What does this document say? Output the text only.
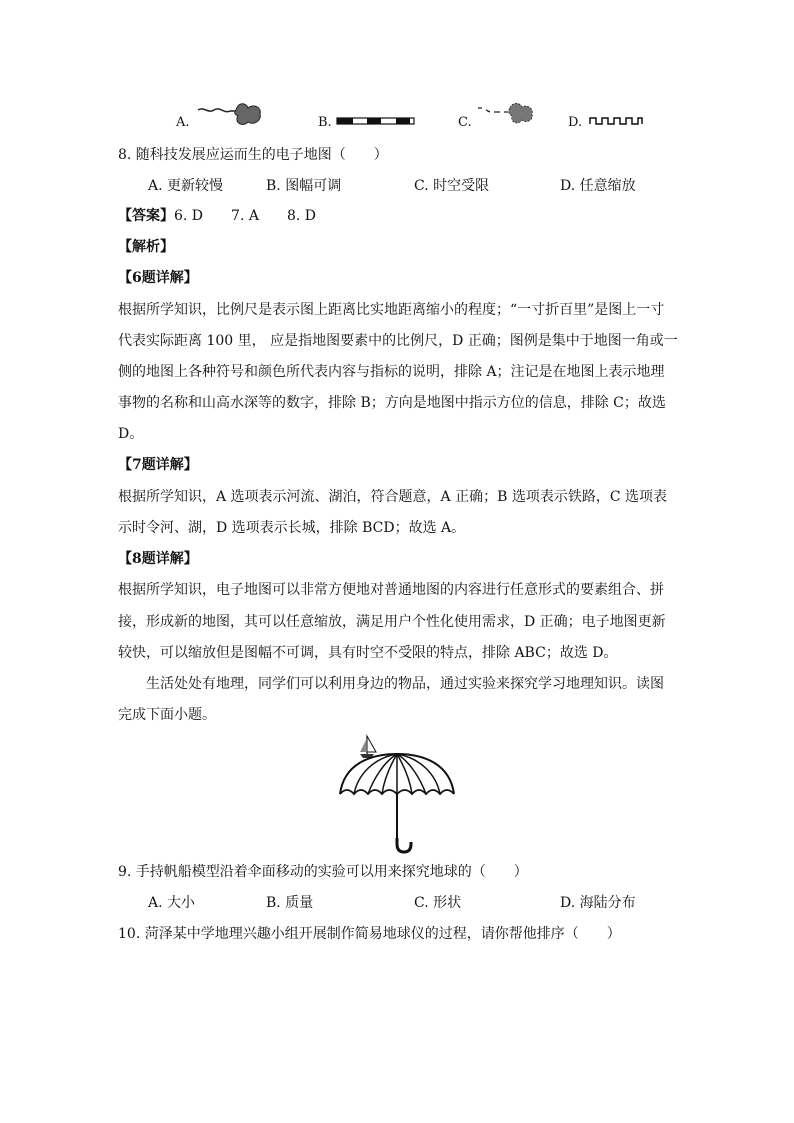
A.	B.	C.	D.
8. 随科技发展应运而生的电子地图（　　）
A. 更新较慢	B. 图幅可调	C. 时空受限	D. 任意缩放
【答案】6. D　　7. A　　8. D
【解析】
【6题详解】
根据所学知识，比例尺是表示图上距离比实地距离缩小的程度；“一寸折百里”是图上一寸
代表实际距离 100 里， 应是指地图要素中的比例尺，D 正确；图例是集中于地图一角或一
侧的地图上各种符号和颜色所代表内容与指标的说明，排除 A；注记是在地图上表示地理
事物的名称和山高水深等的数字，排除 B；方向是地图中指示方位的信息，排除 C；故选
D。
【7题详解】
根据所学知识，A 选项表示河流、湖泊，符合题意，A 正确；B 选项表示铁路，C 选项表
示时令河、湖，D 选项表示长城，排除 BCD；故选 A。
【8题详解】
根据所学知识，电子地图可以非常方便地对普通地图的内容进行任意形式的要素组合、拼
接，形成新的地图，其可以任意缩放，满足用户个性化使用需求，D 正确；电子地图更新
较快，可以缩放但是图幅不可调，具有时空不受限的特点，排除 ABC；故选 D。
　　生活处处有地理，同学们可以利用身边的物品，通过实验来探究学习地理知识。读图
完成下面小题。
9. 手持帆船模型沿着伞面移动的实验可以用来探究地球的（　　）
A. 大小	B. 质量	C. 形状	D. 海陆分布
10. 菏泽某中学地理兴趣小组开展制作简易地球仪的过程，请你帮他排序（　　）
